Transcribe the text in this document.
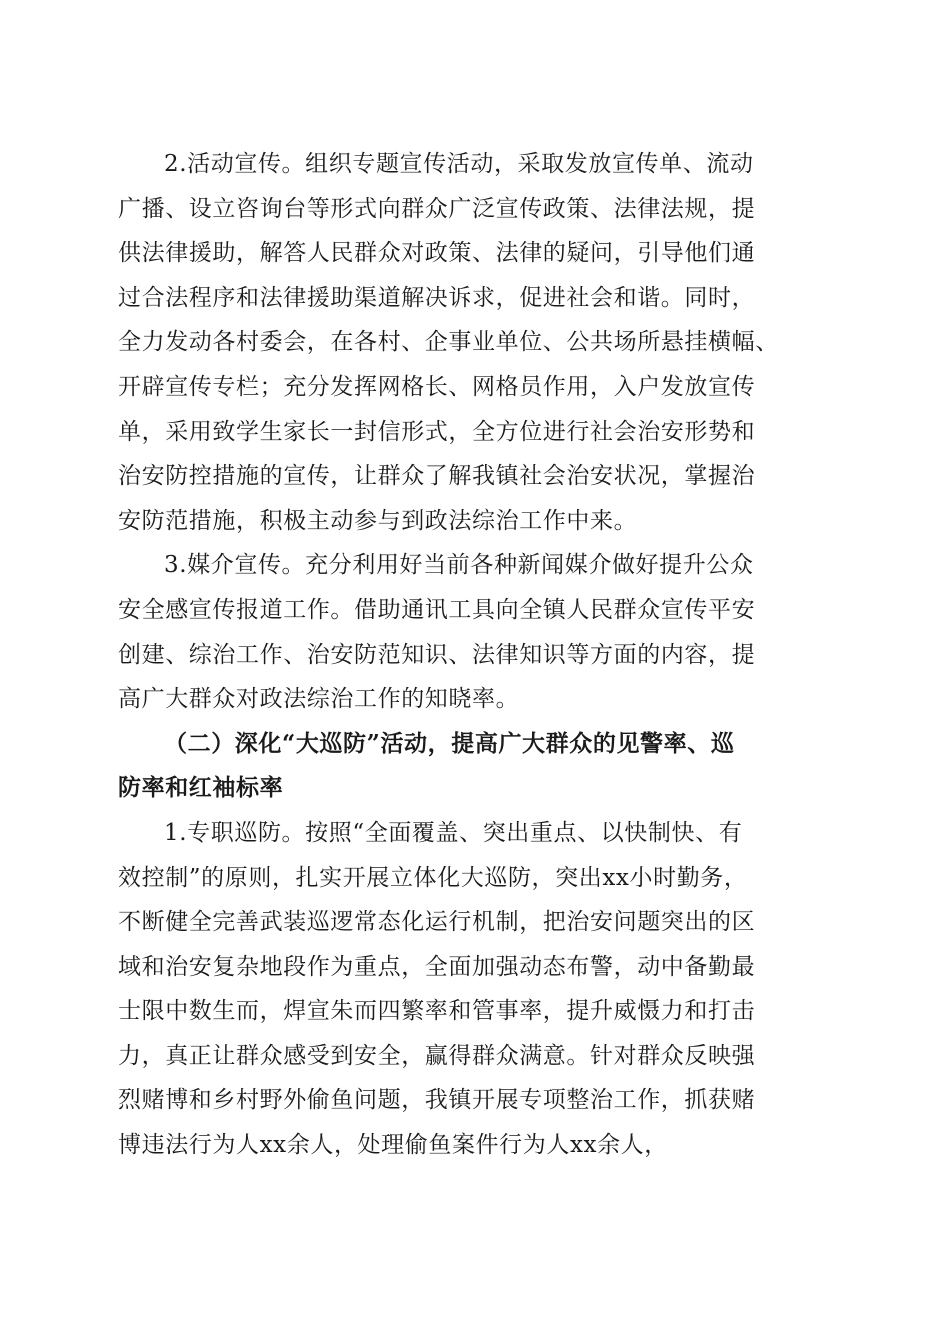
2.活动宣传。组织专题宣传活动，采取发放宣传单、流动
广播、设立咨询台等形式向群众广泛宣传政策、法律法规，提
供法律援助，解答人民群众对政策、法律的疑问，引导他们通
过合法程序和法律援助渠道解决诉求，促进社会和谐。同时，
全力发动各村委会，在各村、企事业单位、公共场所悬挂横幅、
开辟宣传专栏；充分发挥网格长、网格员作用，入户发放宣传
单，采用致学生家长一封信形式，全方位进行社会治安形势和
治安防控措施的宣传，让群众了解我镇社会治安状况，掌握治
安防范措施，积极主动参与到政法综治工作中来。
3.媒介宣传。充分利用好当前各种新闻媒介做好提升公众
安全感宣传报道工作。借助通讯工具向全镇人民群众宣传平安
创建、综治工作、治安防范知识、法律知识等方面的内容，提
高广大群众对政法综治工作的知晓率。
（二）深化“大巡防”活动，提高广大群众的见警率、巡
防率和红袖标率
1.专职巡防。按照“全面覆盖、突出重点、以快制快、有
效控制”的原则，扎实开展立体化大巡防，突出xx小时勤务，
不断健全完善武装巡逻常态化运行机制，把治安问题突出的区
域和治安复杂地段作为重点，全面加强动态布警，动中备勤最
士限中数生而，焊宣朱而四繁率和管事率，提升威慑力和打击
力，真正让群众感受到安全，赢得群众满意。针对群众反映强
烈赌博和乡村野外偷鱼问题，我镇开展专项整治工作，抓获赌
博违法行为人xx余人，处理偷鱼案件行为人xx余人，
